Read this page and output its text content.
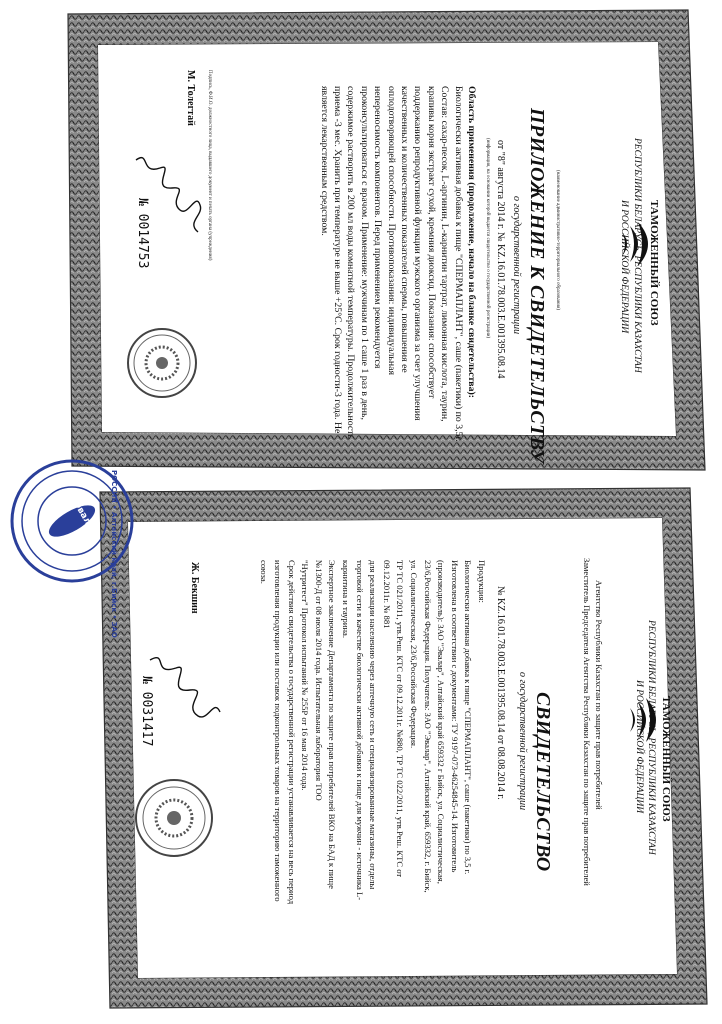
ТАМОЖЕННЫЙ СОЮЗ
РЕСПУБЛИКИ БЕЛАРУСЬ, РЕСПУБЛИКИ КАЗАХСТАН
И РОССИЙСКОЙ ФЕДЕРАЦИИ
(наименование административно-территориального образования)
ПРИЛОЖЕНИЕ К СВИДЕТЕЛЬСТВУ
о государственной регистрации
от "8" августа 2014 г. № KZ.16.01.78.003.E.001395.08.14
(информация, на основании которой выдается свидетельство о государственной регистрации)
Область применения (продолжение, начало на бланке свидетельства):
Биологически активная добавка к пище "СПЕРМАПЛАНТ", саше (пакетики) по 3,5г.
Состав: сахар-песок, L-аргинин, L-карнитин тартрат, лимонная кислота, таурин,
крапивы корня экстракт сухой, кремния диоксид. Показания: способствует
поддержанию репродуктивной функции мужского организма за счет улучшения
качественных и количественных показателей спермы, повышения ее
оплодотворяющей способности. Противопоказания: индивидуальная
непереносимость компонентов. Перед применением рекомендуется
проконсультироваться с врачом. Применение: мужчинам по 1 саше 1 раз в день,
содержимое растворить в 200 мл воды комнатной температуры. Продолжительность
приема -3 мес. Хранить при температуре не выше +25°С. Срок годности-3 года. Не
является лекарственным средством.
Подпись, Ф.И.О. должностного лица, выдавшего документ и печать органа (учреждения)
М. Толегтай
№ 0014753
ТАМОЖЕННЫЙ СОЮЗ
РЕСПУБЛИКИ БЕЛАРУСЬ, РЕСПУБЛИКИ КАЗАХСТАН
И РОССИЙСКОЙ ФЕДЕРАЦИИ
Агентство Республики Казахстан по защите прав потребителей
Заместитель Председателя Агентства Республики Казахстан по защите прав потребителей
СВИДЕТЕЛЬСТВО
о государственной регистрации
№ KZ.16.01.78.003.E.001395.08.14 от 08.08.2014 г.
Продукция:
Биологически активная добавка к пище "СПЕРМАПЛАНТ", саше (пакетики) по 3,5 г.
Изготовлена в соответствии с документами: ТУ 9197-073-46254845-14. Изготовитель
(производитель): ЗАО "Эвалар", Алтайский край 659332 г Бийск, ул. Социалистическая,
23/6,Российская Федерация. Получатель: ЗАО "Эвалар", Алтайский край, 659332, г. Бийск,
ул. Социалистическая, 23/6,Российская Федерация.
ТР ТС 021/2011, утв.Реш. КТС от 09.12.2011г. №880, ТР ТС 022/2011, утв.Реш. КТС от
09.12.2011г. № 881
для реализации населению через аптечную сеть и специализированные магазины, отделы
торговой сети в качестве биологически активной добавки к пище для мужчин - источника L-
карнитина и таурина.
Экспертное заключение Департамента по защите прав потребителей ВКО на БАД к пище
№1300-Д от 08 июля 2014 года. Испытательная лаборатория ТОО
"Нутритест" Протокол испытаний № 255Р от 16 мая 2014 года.
Срок действия свидетельства о государственной регистрации устанавливается на весь период
изготовления продукции или поставок подконтрольных товаров на территорию таможенного
союза.
Ж. Бекшин
№ 0031417
РОССИЯ • Алтайский край, г.Бийск • ЗАО
Эвалар
